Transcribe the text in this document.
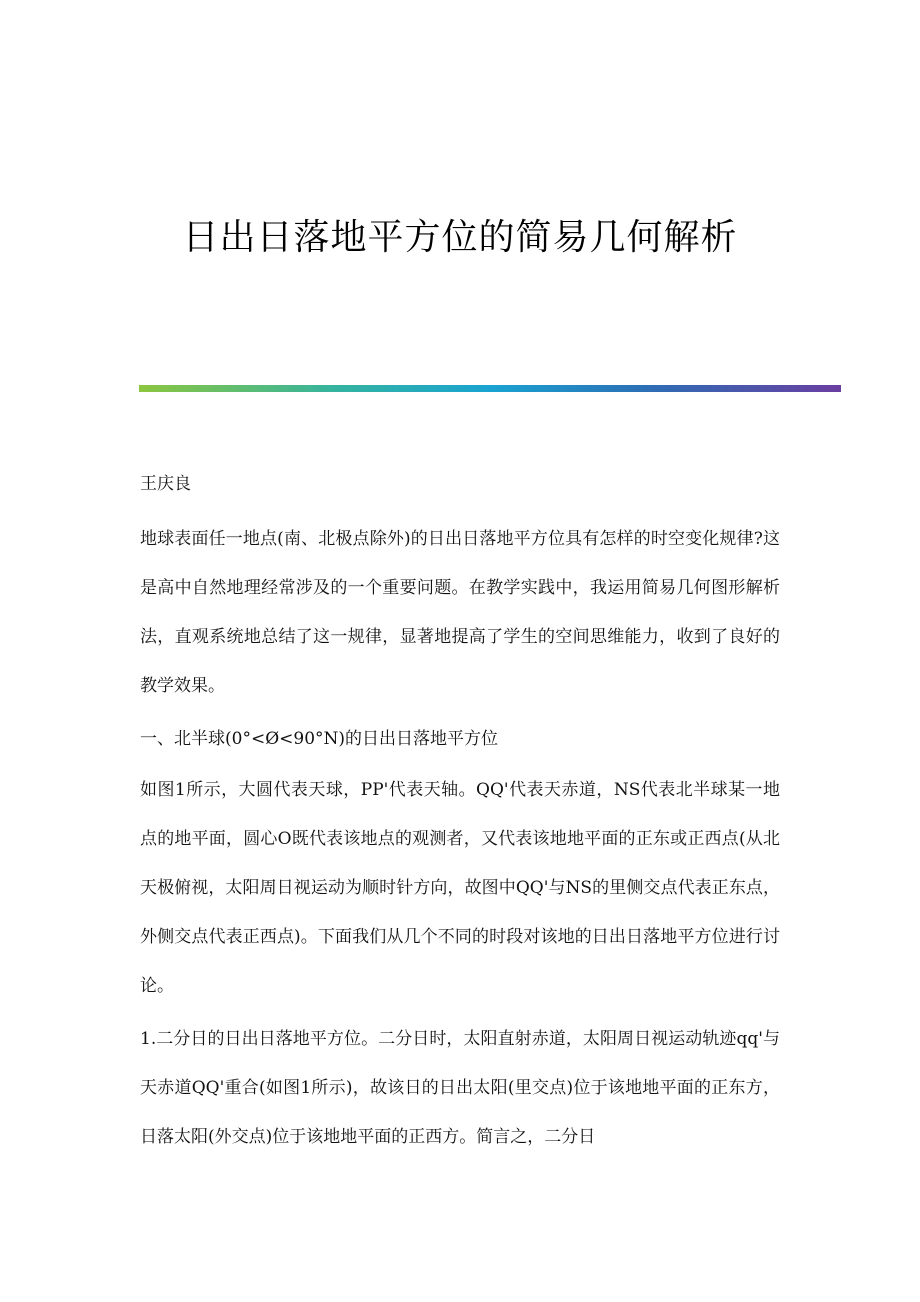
日出日落地平方位的简易几何解析

王庆良

地球表面任一地点(南、北极点除外)的日出日落地平方位具有怎样的时空变化规律?这是高中自然地理经常涉及的一个重要问题。在教学实践中，我运用简易几何图形解析法，直观系统地总结了这一规律，显著地提高了学生的空间思维能力，收到了良好的教学效果。

一、北半球(0°<Ø<90°N)的日出日落地平方位

如图1所示，大圆代表天球，PP'代表天轴。QQ'代表天赤道，NS代表北半球某一地点的地平面，圆心O既代表该地点的观测者，又代表该地地平面的正东或正西点(从北天极俯视，太阳周日视运动为顺时针方向，故图中QQ'与NS的里侧交点代表正东点，外侧交点代表正西点)。下面我们从几个不同的时段对该地的日出日落地平方位进行讨论。

1.二分日的日出日落地平方位。二分日时，太阳直射赤道，太阳周日视运动轨迹qq'与天赤道QQ'重合(如图1所示)，故该日的日出太阳(里交点)位于该地地平面的正东方，日落太阳(外交点)位于该地地平面的正西方。简言之，二分日
